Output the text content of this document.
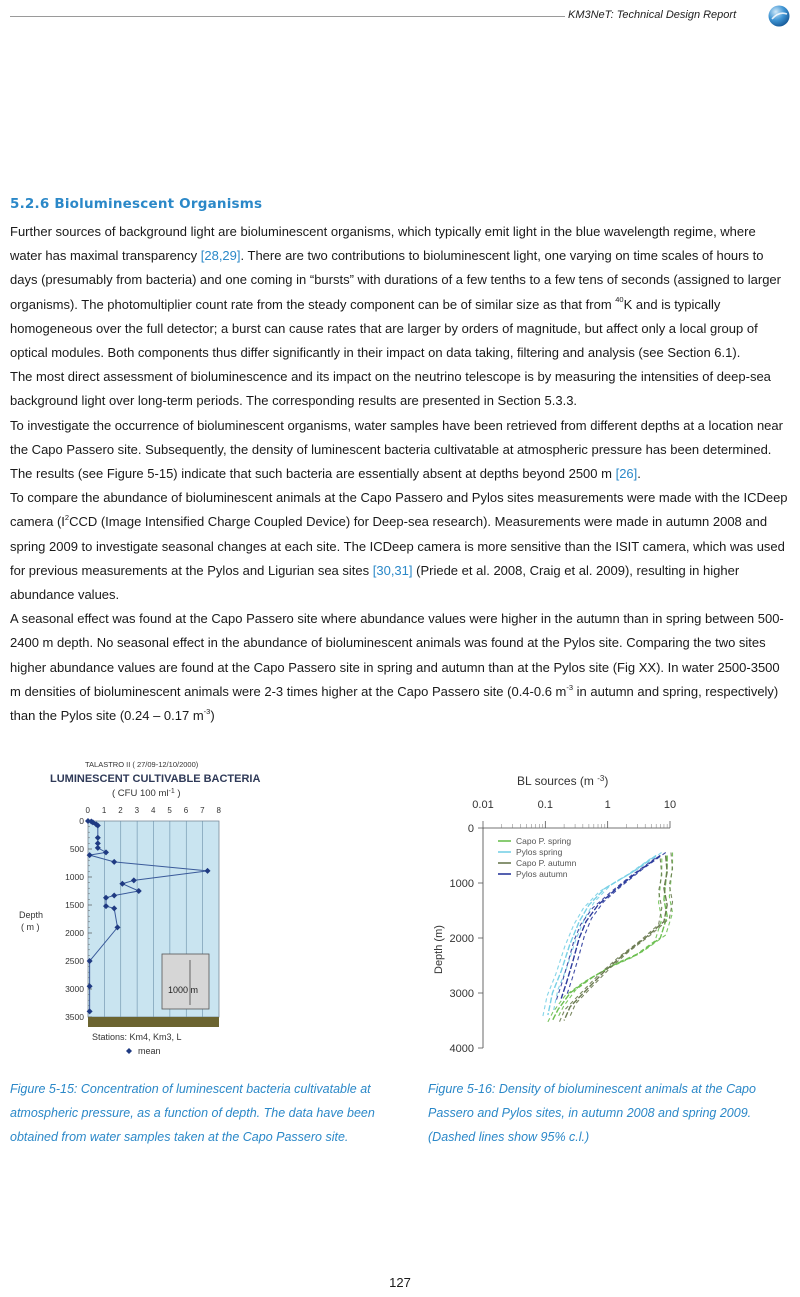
KM3NeT: Technical Design Report
5.2.6 Bioluminescent Organisms

Further sources of background light are bioluminescent organisms, which typically emit light in the blue wavelength regime, where water has maximal transparency [28,29]. There are two contributions to bioluminescent light, one varying on time scales of hours to days (presumably from bacteria) and one coming in “bursts” with durations of a few tenths to a few tens of seconds (assigned to larger organisms). The photomultiplier count rate from the steady component can be of similar size as that from $^{40}$K and is typically homogeneous over the full detector; a burst can cause rates that are larger by orders of magnitude, but affect only a local group of optical modules. Both components thus differ significantly in their impact on data taking, filtering and analysis (see Section 6.1).

The most direct assessment of bioluminescence and its impact on the neutrino telescope is by measuring the intensities of deep-sea background light over long-term periods. The corresponding results are presented in Section 5.3.3.

To investigate the occurrence of bioluminescent organisms, water samples have been retrieved from different depths at a location near the Capo Passero site. Subsequently, the density of luminescent bacteria cultivatable at atmospheric pressure has been determined. The results (see Figure 5-15) indicate that such bacteria are essentially absent at depths beyond 2500 m [26].

To compare the abundance of bioluminescent animals at the Capo Passero and Pylos sites measurements were made with the ICDeep camera ($I^2CCD$ (Image Intensified Charge Coupled Device) for Deep-sea research). Measurements were made in autumn 2008 and spring 2009 to investigate seasonal changes at each site. The ICDeep camera is more sensitive than the ISIT camera, which was used for previous measurements at the Pylos and Ligurian sea sites [30,31] (Priede et al. 2008, Craig et al. 2009), resulting in higher abundance values.

A seasonal effect was found at the Capo Passero site where abundance values were higher in the autumn than in spring between 500-2400 m depth. No seasonal effect in the abundance of bioluminescent animals was found at the Pylos site. Comparing the two sites higher abundance values are found at the Capo Passero site in spring and autumn than at the Pylos site (Fig XX). In water 2500-3500 m densities of bioluminescent animals were 2-3 times higher at the Capo Passero site (0.4-0.6 $m^{-3}$ in autumn and spring, respectively) than the Pylos site (0.24 – 0.17 $m^{-3}$)

TALASTRO II ( 27/09-12/10/2000)
LUMINESCENT CULTIVABLE BACTERIA
( CFU 100 $ml^{-1}$ )
0 1 2 3 4 5 6 7 8
0
500
1000
1500
2000
2500
3000
3500
Depth
( m )
1000 m
Stations: Km4, Km3, L
mean
BL sources (m $^{-3}$)
0.01	0.1	1	10
0
1000
2000
3000
4000
Depth (m)
Capo P. spring
Pylos spring
Capo P. autumn
Pylos autumn
Figure 5-15: Concentration of luminescent bacteria cultivatable at atmospheric pressure, as a function of depth. The data have been obtained from water samples taken at the Capo Passero site.
Figure 5-16: Density of bioluminescent animals at the Capo Passero and Pylos sites, in autumn 2008 and spring 2009. (Dashed lines show 95% c.l.)
127
